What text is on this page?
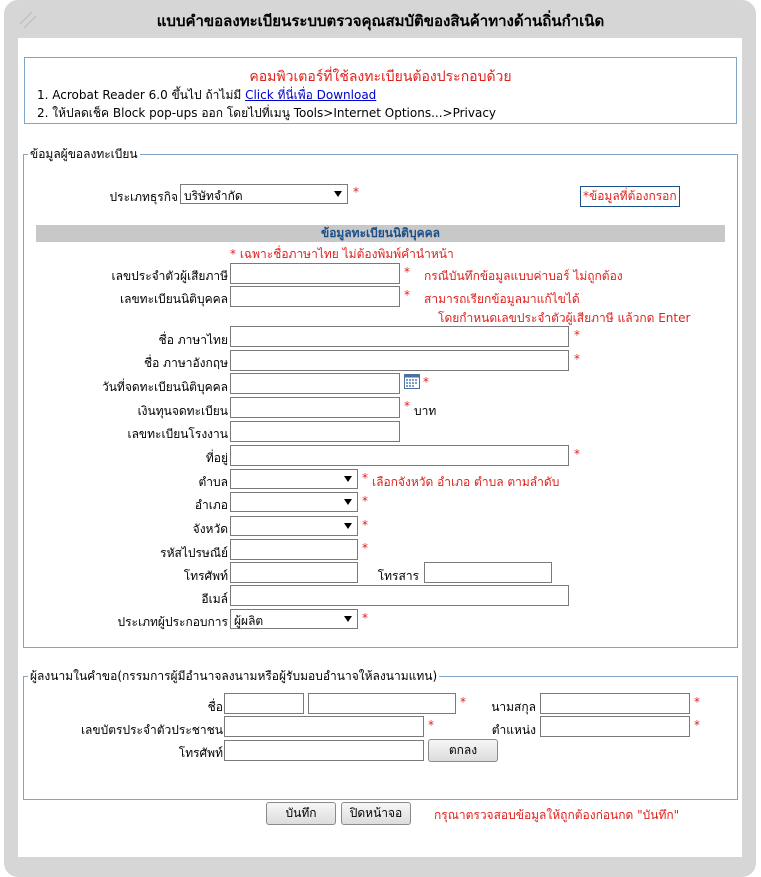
แบบคำขอลงทะเบียนระบบตรวจคุณสมบัติของสินค้าทางด้านถิ่นกำเนิด
คอมพิวเตอร์ที่ใช้ลงทะเบียนต้องประกอบด้วย
1. Acrobat Reader 6.0 ขึ้นไป ถ้าไม่มี Click ที่นี่เพื่อ Download
2. ให้ปลดเช็ค Block pop-ups ออก โดยไปที่เมนู Tools>Internet Options...>Privacy
ข้อมูลผู้ขอลงทะเบียน
ประเภทธุรกิจ บริษัทจำกัด	*	*ข้อมูลที่ต้องกรอก
ข้อมูลทะเบียนนิติบุคคล
* เฉพาะชื่อภาษาไทย ไม่ต้องพิมพ์คำนำหน้า
เลขประจำตัวผู้เสียภาษี	* กรณีบันทึกข้อมูลแบบค่าบอร์ ไม่ถูกต้อง
เลขทะเบียนนิติบุคคล	* สามารถเรียกข้อมูลมาแก้ไขได้
โดยกำหนดเลขประจำตัวผู้เสียภาษี แล้วกด Enter
ชื่อ ภาษาไทย	*
ชื่อ ภาษาอังกฤษ	*
วันที่จดทะเบียนนิติบุคคล	*
เงินทุนจดทะเบียน	* บาท
เลขทะเบียนโรงงาน
ที่อยู่	*
ตำบล	* เลือกจังหวัด อำเภอ ตำบล ตามลำดับ
อำเภอ	*
จังหวัด	*
รหัสไปรษณีย์	*
โทรศัพท์	โทรสาร
อีเมล์
ประเภทผู้ประกอบการ ผู้ผลิต	*
ผู้ลงนามในคำขอ(กรรมการผู้มีอำนาจลงนามหรือผู้รับมอบอำนาจให้ลงนามแทน)
ชื่อ	* นามสกุล	*
เลขบัตรประจำตัวประชาชน	*	ตำแหน่ง	*
โทรศัพท์	ตกลง
บันทึก	ปิดหน้าจอ	กรุณาตรวจสอบข้อมูลให้ถูกต้องก่อนกด "บันทึก"
